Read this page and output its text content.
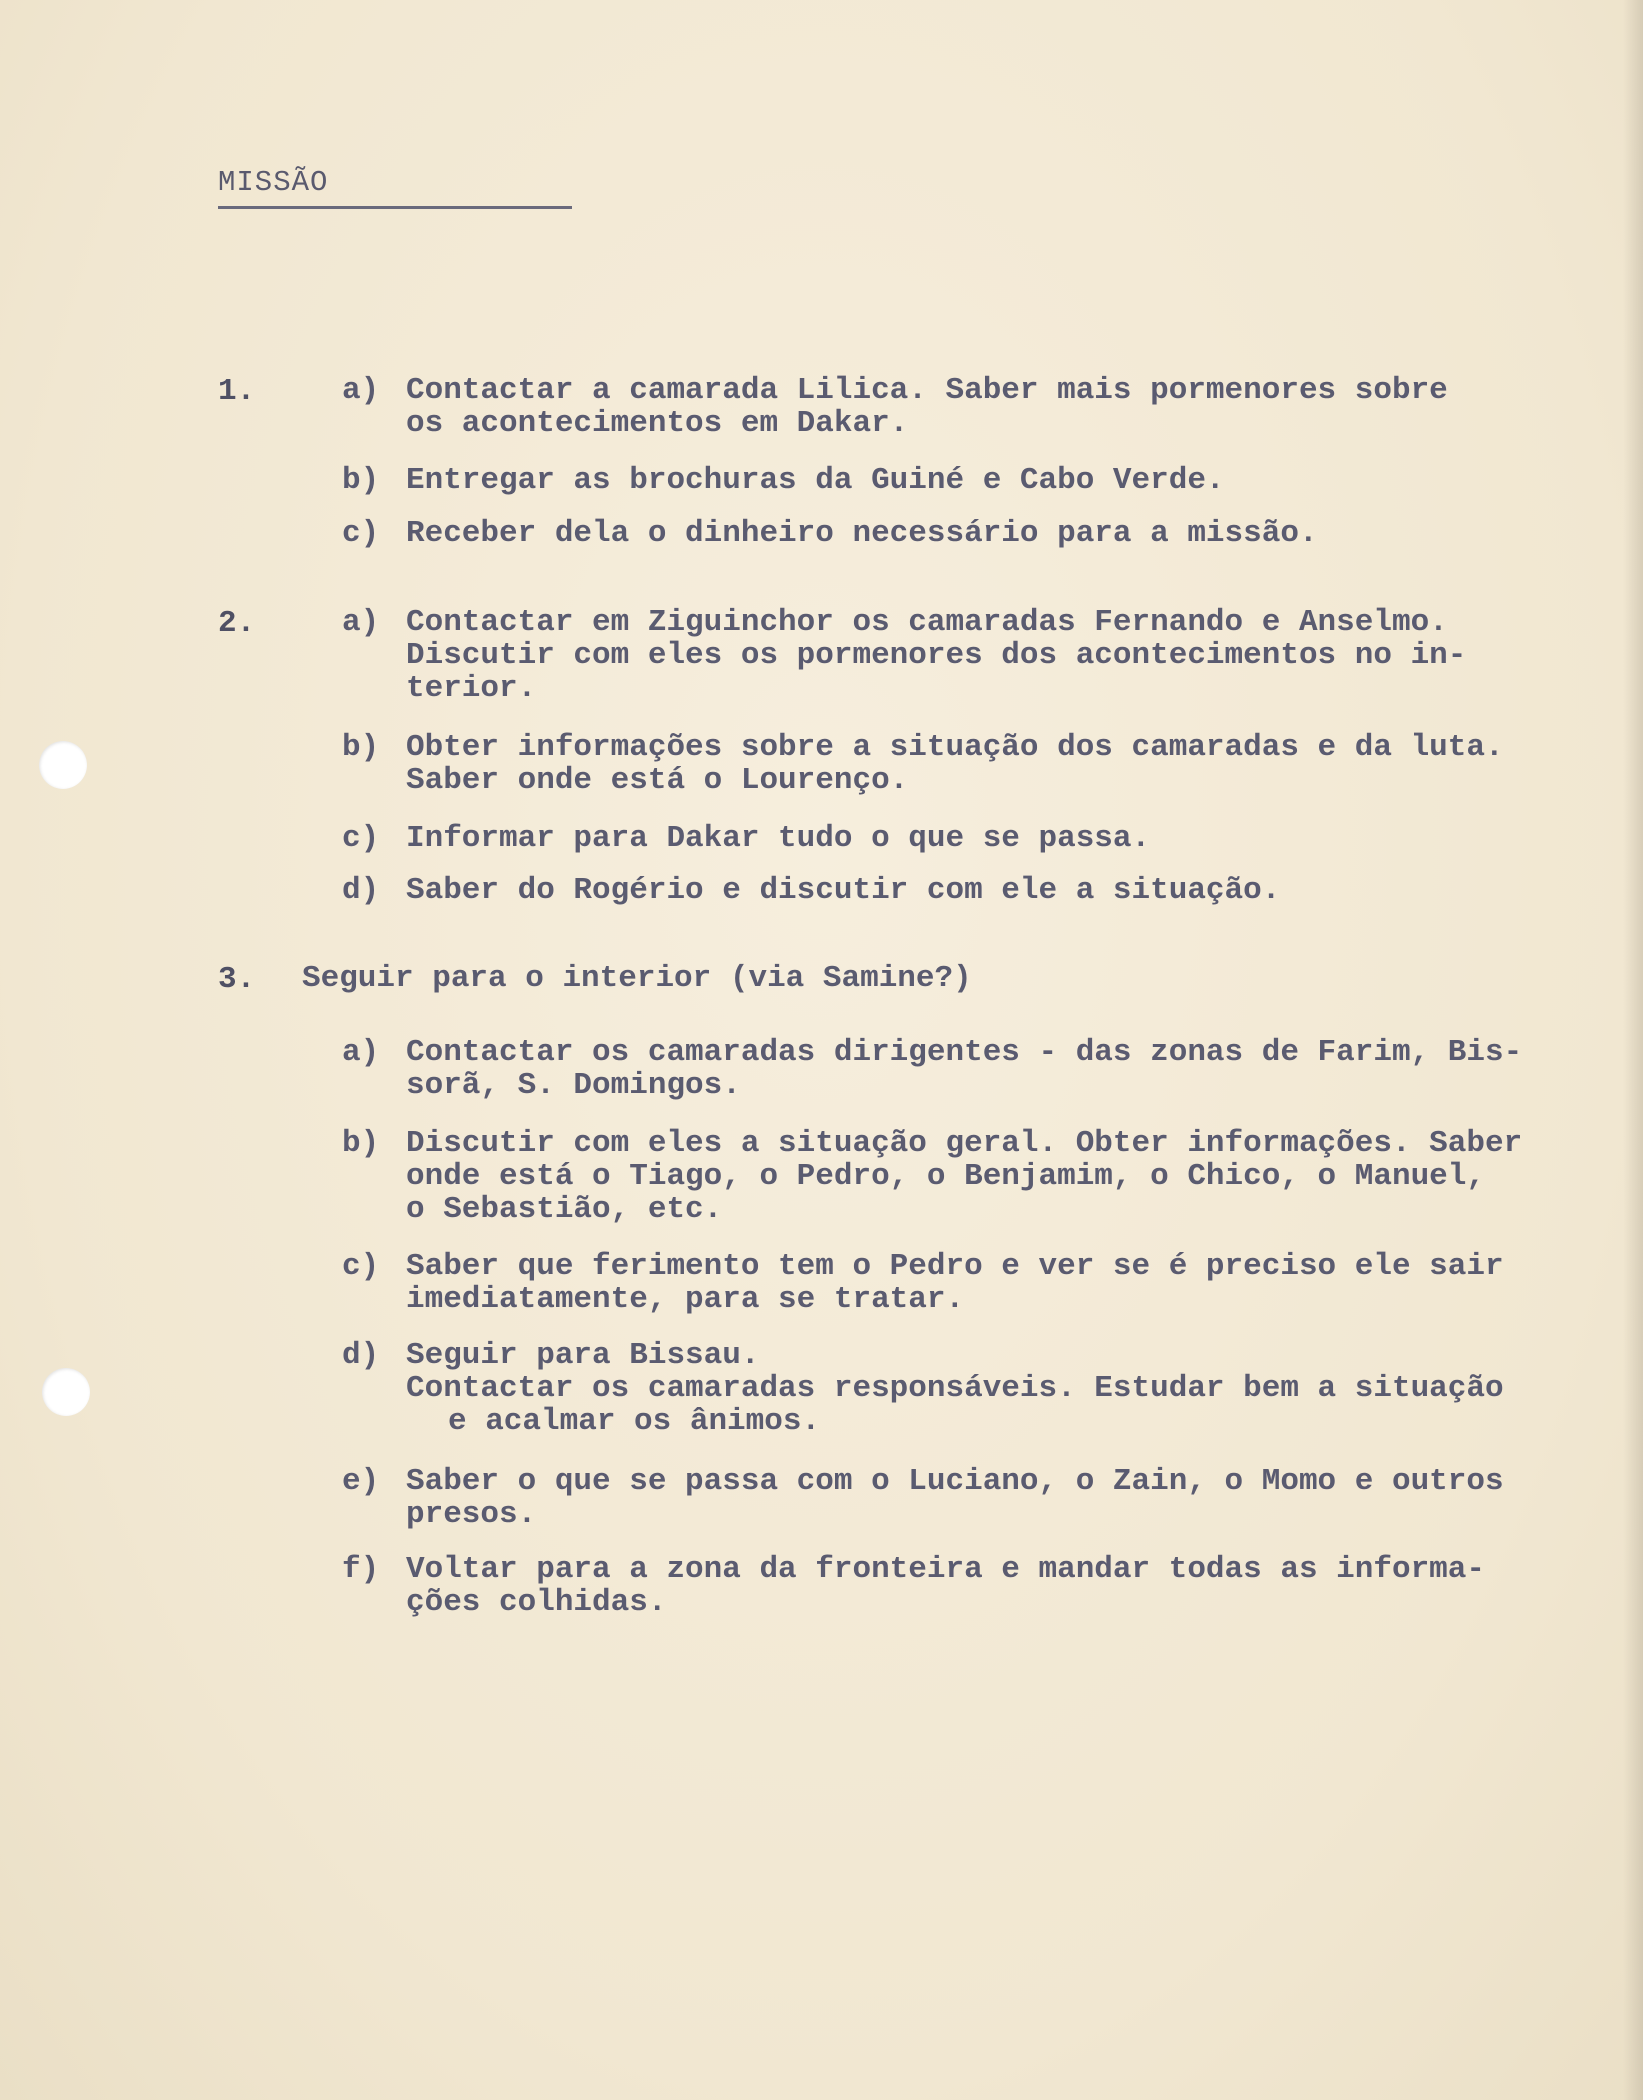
MISSÃO
1.	a) Contactar a camarada Lilica. Saber mais pormenores sobre
os acontecimentos em Dakar.
b) Entregar as brochuras da Guiné e Cabo Verde.
c) Receber dela o dinheiro necessário para a missão.
2.	a) Contactar em Ziguinchor os camaradas Fernando e Anselmo.
Discutir com eles os pormenores dos acontecimentos no in-
terior.
b) Obter informações sobre a situação dos camaradas e da luta.
Saber onde está o Lourenço.
c) Informar para Dakar tudo o que se passa.
d) Saber do Rogério e discutir com ele a situação.
3. Seguir para o interior (via Samine?)
a) Contactar os camaradas dirigentes - das zonas de Farim, Bis-
sorã, S. Domingos.
b) Discutir com eles a situação geral. Obter informações. Saber
onde está o Tiago, o Pedro, o Benjamim, o Chico, o Manuel,
o Sebastião, etc.
c) Saber que ferimento tem o Pedro e ver se é preciso ele sair
imediatamente, para se tratar.
d) Seguir para Bissau.
Contactar os camaradas responsáveis. Estudar bem a situação
e acalmar os ânimos.
e) Saber o que se passa com o Luciano, o Zain, o Momo e outros
presos.
f) Voltar para a zona da fronteira e mandar todas as informa-
ções colhidas.
